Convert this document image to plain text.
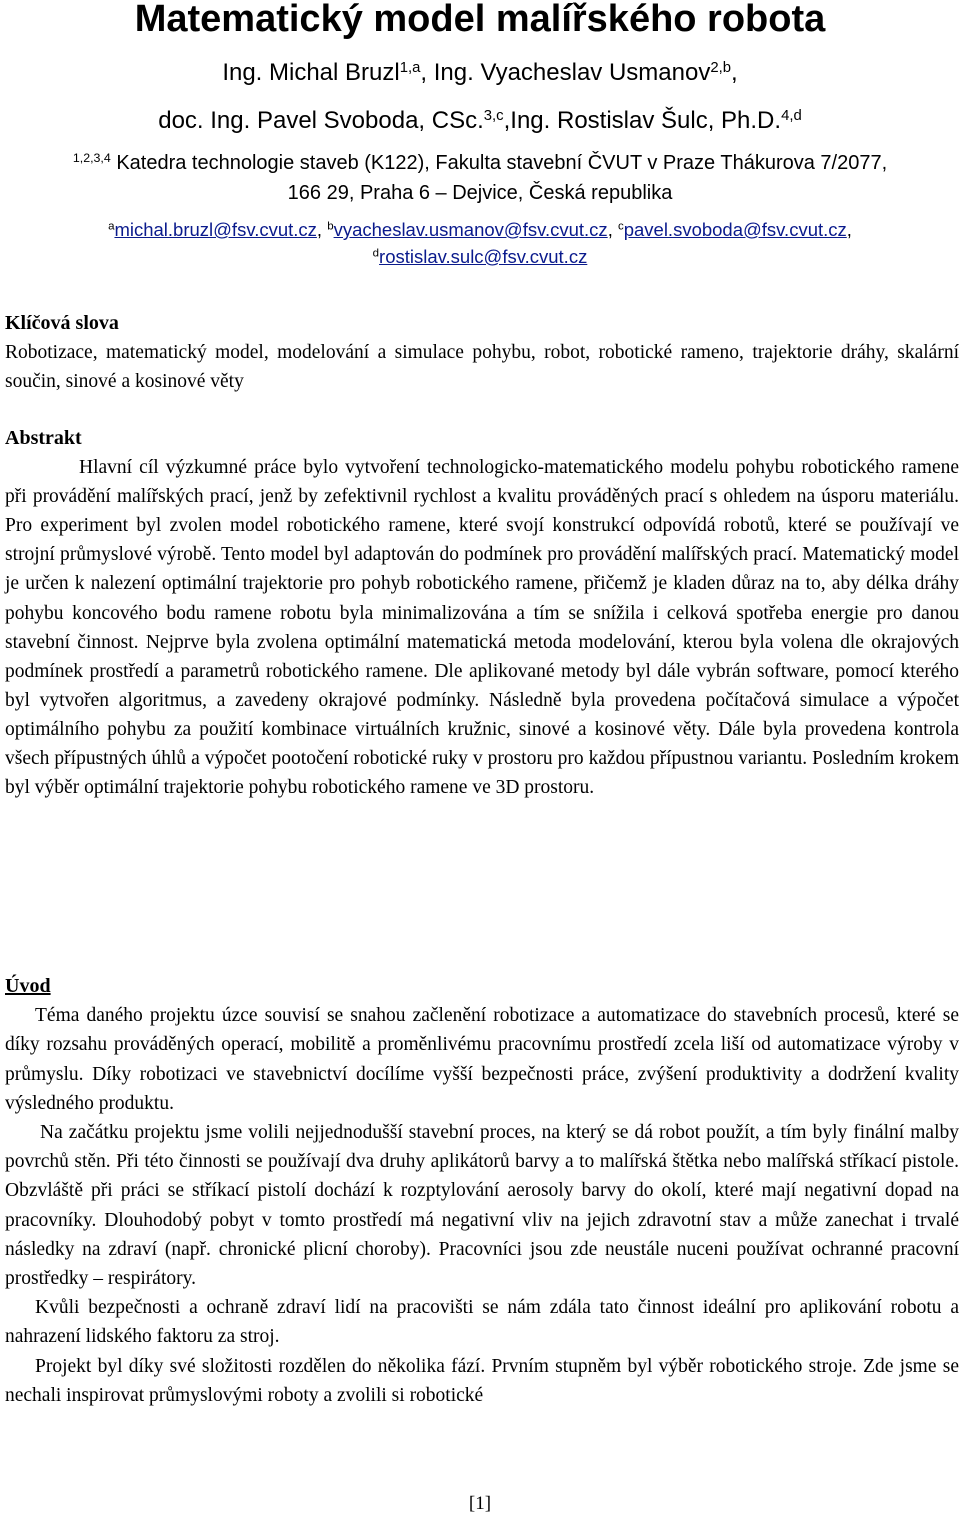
Matematický model malířského robota
Ing. Michal Bruzl$^{1,a}$, Ing. Vyacheslav Usmanov$^{2,b}$,
doc. Ing. Pavel Svoboda, CSc.$^{3,c}$,Ing. Rostislav Šulc, Ph.D.$^{4,d}$
$^{1,2,3,4}$ Katedra technologie staveb (K122), Fakulta stavební ČVUT v Praze Thákurova 7/2077,
166 29, Praha 6 – Dejvice, Česká republika
$^a$michal.bruzl@fsv.cvut.cz, $^b$vyacheslav.usmanov@fsv.cvut.cz, $^c$pavel.svoboda@fsv.cvut.cz,
$^d$rostislav.sulc@fsv.cvut.cz
Klíčová slova

Robotizace, matematický model, modelování a simulace pohybu, robot, robotické rameno, trajektorie dráhy, skalární součin, sinové a kosinové věty

Abstrakt

Hlavní cíl výzkumné práce bylo vytvoření technologicko-matematického modelu pohybu robotického ramene při provádění malířských prací, jenž by zefektivnil rychlost a kvalitu prováděných prací s ohledem na úsporu materiálu. Pro experiment byl zvolen model robotického ramene, které svojí konstrukcí odpovídá robotů, které se používají ve strojní průmyslové výrobě. Tento model byl adaptován do podmínek pro provádění malířských prací. Matematický model je určen k nalezení optimální trajektorie pro pohyb robotického ramene, přičemž je kladen důraz na to, aby délka dráhy pohybu koncového bodu ramene robotu byla minimalizována a tím se snížila i celková spotřeba energie pro danou stavební činnost. Nejprve byla zvolena optimální matematická metoda modelování, kterou byla volena dle okrajových podmínek prostředí a parametrů robotického ramene. Dle aplikované metody byl dále vybrán software, pomocí kterého byl vytvořen algoritmus, a zavedeny okrajové podmínky. Následně byla provedena počítačová simulace a výpočet optimálního pohybu za použití kombinace virtuálních kružnic, sinové a kosinové věty. Dále byla provedena kontrola všech přípustných úhlů a výpočet pootočení robotické ruky v prostoru pro každou přípustnou variantu. Posledním krokem byl výběr optimální trajektorie pohybu robotického ramene ve 3D prostoru.

Úvod

Téma daného projektu úzce souvisí se snahou začlenění robotizace a automatizace do stavebních procesů, které se díky rozsahu prováděných operací, mobilitě a proměnlivému pracovnímu prostředí zcela liší od automatizace výroby v průmyslu. Díky robotizaci ve stavebnictví docílíme vyšší bezpečnosti práce, zvýšení produktivity a dodržení kvality výsledného produktu.

Na začátku projektu jsme volili nejjednodušší stavební proces, na který se dá robot použít, a tím byly finální malby povrchů stěn. Při této činnosti se používají dva druhy aplikátorů barvy a to malířská štětka nebo malířská stříkací pistole. Obzvláště při práci se stříkací pistolí dochází k rozptylování aerosoly barvy do okolí, které mají negativní dopad na pracovníky. Dlouhodobý pobyt v tomto prostředí má negativní vliv na jejich zdravotní stav a může zanechat i trvalé následky na zdraví (např. chronické plicní choroby). Pracovníci jsou zde neustále nuceni používat ochranné pracovní prostředky – respirátory.

Kvůli bezpečnosti a ochraně zdraví lidí na pracovišti se nám zdála tato činnost ideální pro aplikování robotu a nahrazení lidského faktoru za stroj.

Projekt byl díky své složitosti rozdělen do několika fází. Prvním stupněm byl výběr robotického stroje. Zde jsme se nechali inspirovat průmyslovými roboty a zvolili si robotické

[1]
